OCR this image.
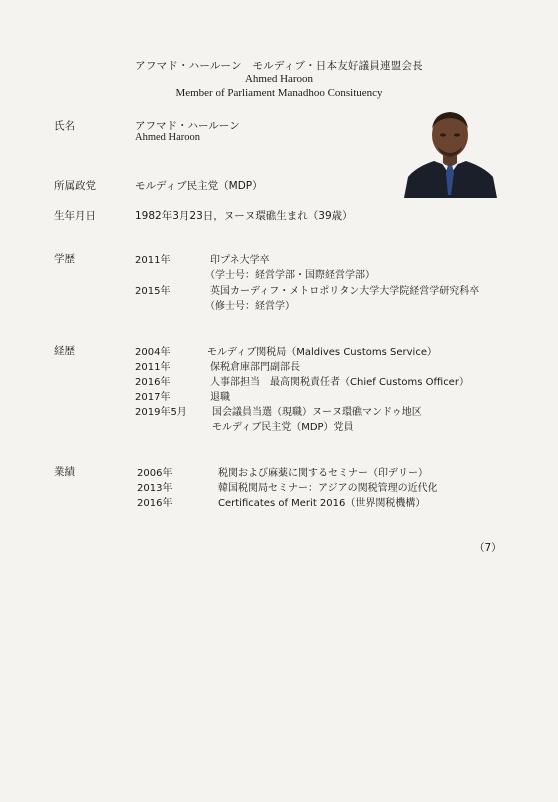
アフマド・ハールーン　モルディブ・日本友好議員連盟会長
Ahmed Haroon
Member of Parliament Manadhoo Consituency
氏名	アフマド・ハールーン
Ahmed Haroon
所属政党	モルディブ民主党（MDP）
生年月日	1982年3月23日，ヌーヌ環礁生まれ（39歳）
学歴	2011年	印プネ大学卒
（学士号：経営学部・国際経営学部）
2015年	英国カーディフ・メトロポリタン大学大学院経営学研究科卒
（修士号：経営学）
経歴	2004年	モルディブ関税局（Maldives Customs Service）
2011年	保税倉庫部門副部長
2016年	人事部担当　最高関税責任者（Chief Customs Officer）
2017年	退職
2019年5月	国会議員当選（現職）ヌーヌ環礁マンドゥ地区
モルディブ民主党（MDP）党員
業績	2006年	税関および麻薬に関するセミナー（印デリー）
2013年	韓国税関局セミナー：アジアの関税管理の近代化
2016年	Certificates of Merit 2016（世界関税機構）
（7）
